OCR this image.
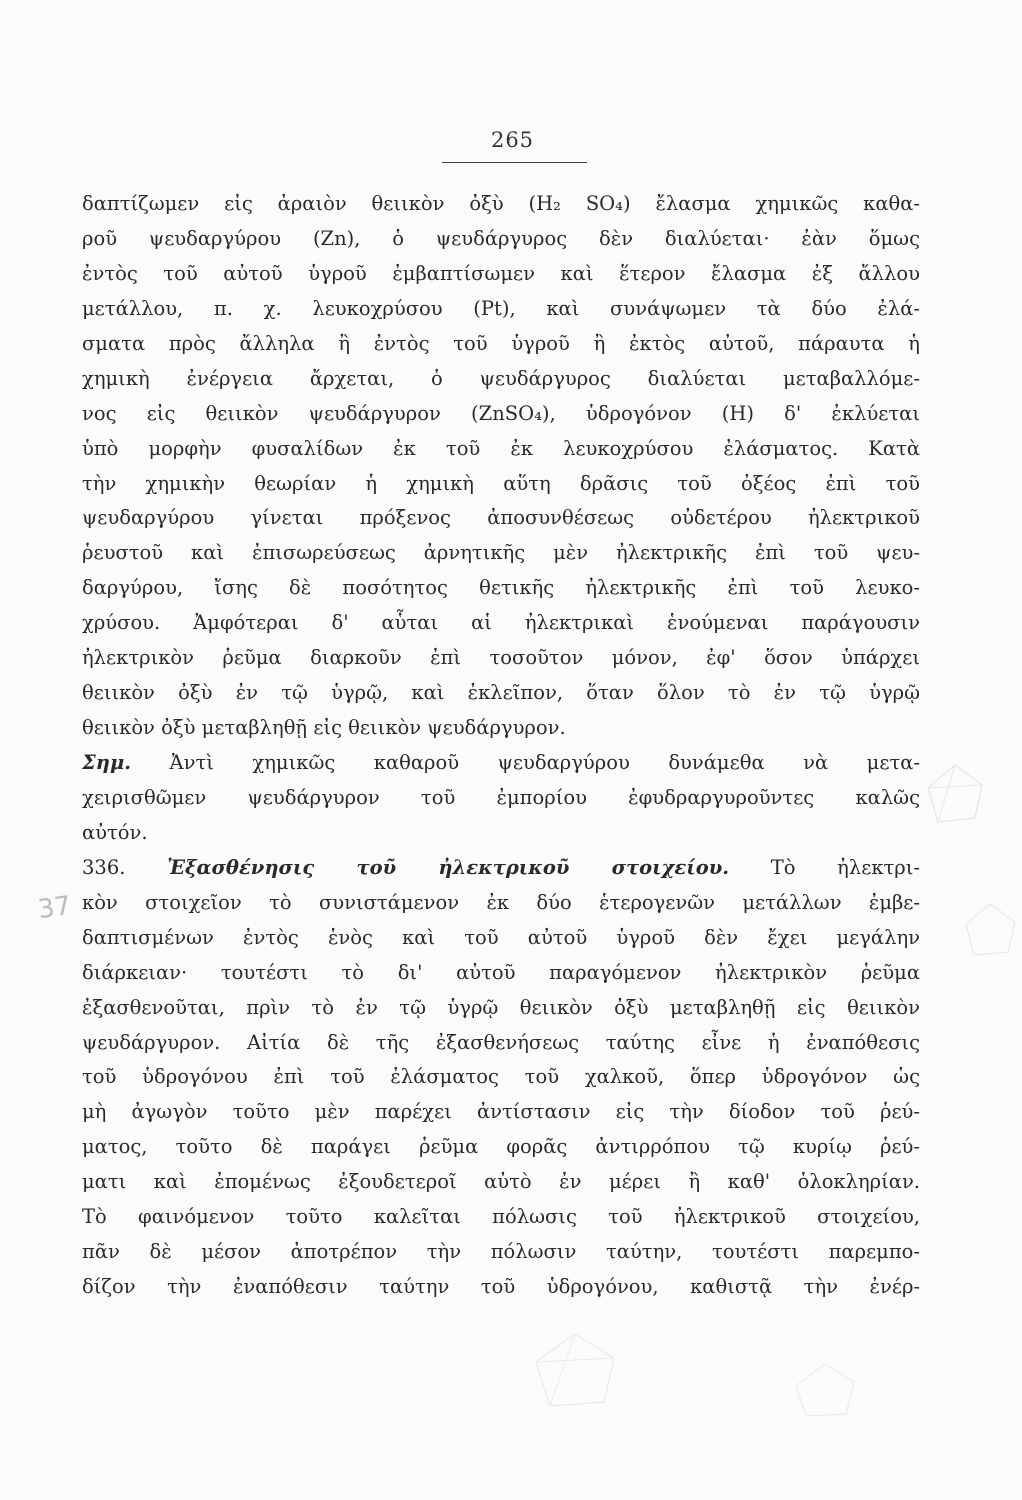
265
37
δαπτίζωμεν εἰς ἀραιὸν θειικὸν ὀξὺ (H₂ SO₄) ἔλασμα χημικῶς καθα-
ροῦ ψευδαργύρου (Zn), ὁ ψευδάργυρος δὲν διαλύεται· ἐὰν ὅμως
ἐντὸς τοῦ αὐτοῦ ὑγροῦ ἐμβαπτίσωμεν καὶ ἕτερον ἔλασμα ἐξ ἄλλου
μετάλλου, π. χ. λευκοχρύσου (Pt), καὶ συνάψωμεν τὰ δύο ἐλά-
σματα πρὸς ἄλληλα ἢ ἐντὸς τοῦ ὑγροῦ ἢ ἐκτὸς αὐτοῦ, πάραυτα ἡ
χημικὴ ἐνέργεια ἄρχεται, ὁ ψευδάργυρος διαλύεται μεταβαλλόμε-
νος εἰς θειικὸν ψευδάργυρον (ZnSO₄), ὑδρογόνον (H) δ' ἐκλύεται
ὑπὸ μορφὴν φυσαλίδων ἐκ τοῦ ἐκ λευκοχρύσου ἐλάσματος. Κατὰ
τὴν χημικὴν θεωρίαν ἡ χημικὴ αὕτη δρᾶσις τοῦ ὀξέος ἐπὶ τοῦ
ψευδαργύρου γίνεται πρόξενος ἀποσυνθέσεως οὐδετέρου ἠλεκτρικοῦ
ῥευστοῦ καὶ ἐπισωρεύσεως ἀρνητικῆς μὲν ἠλεκτρικῆς ἐπὶ τοῦ ψευ-
δαργύρου, ἴσης δὲ ποσότητος θετικῆς ἠλεκτρικῆς ἐπὶ τοῦ λευκο-
χρύσου. Ἀμφότεραι δ' αὗται αἱ ἠλεκτρικαὶ ἑνούμεναι παράγουσιν
ἠλεκτρικὸν ῥεῦμα διαρκοῦν ἐπὶ τοσοῦτον μόνον, ἐφ' ὅσον ὑπάρχει
θειικὸν ὀξὺ ἐν τῷ ὑγρῷ, καὶ ἐκλεῖπον, ὅταν ὅλον τὸ ἐν τῷ ὑγρῷ
θειικὸν ὀξὺ μεταβληθῇ εἰς θειικὸν ψευδάργυρον.
Σημ. Ἀντὶ χημικῶς καθαροῦ ψευδαργύρου δυνάμεθα νὰ μετα-
χειρισθῶμεν ψευδάργυρον τοῦ ἐμπορίου ἐφυδραργυροῦντες καλῶς
αὐτόν.
336. Ἐξασθένησις τοῦ ἠλεκτρικοῦ στοιχείου. Τὸ ἠλεκτρι-
κὸν στοιχεῖον τὸ συνιστάμενον ἐκ δύο ἑτερογενῶν μετάλλων ἐμβε-
δαπτισμένων ἐντὸς ἑνὸς καὶ τοῦ αὐτοῦ ὑγροῦ δὲν ἔχει μεγάλην
διάρκειαν· τουτέστι τὸ δι' αὐτοῦ παραγόμενον ἠλεκτρικὸν ῥεῦμα
ἐξασθενοῦται, πρὶν τὸ ἐν τῷ ὑγρῷ θειικὸν ὀξὺ μεταβληθῇ εἰς θειικὸν
ψευδάργυρον. Αἰτία δὲ τῆς ἐξασθενήσεως ταύτης εἶνε ἡ ἐναπόθεσις
τοῦ ὑδρογόνου ἐπὶ τοῦ ἐλάσματος τοῦ χαλκοῦ, ὅπερ ὑδρογόνον ὡς
μὴ ἀγωγὸν τοῦτο μὲν παρέχει ἀντίστασιν εἰς τὴν δίοδον τοῦ ῥεύ-
ματος, τοῦτο δὲ παράγει ῥεῦμα φορᾶς ἀντιρρόπου τῷ κυρίῳ ῥεύ-
ματι καὶ ἐπομένως ἐξουδετεροῖ αὐτὸ ἐν μέρει ἢ καθ' ὁλοκληρίαν.
Τὸ φαινόμενον τοῦτο καλεῖται πόλωσις τοῦ ἠλεκτρικοῦ στοιχείου,
πᾶν δὲ μέσον ἀποτρέπον τὴν πόλωσιν ταύτην, τουτέστι παρεμπο-
δίζον τὴν ἐναπόθεσιν ταύτην τοῦ ὑδρογόνου, καθιστᾷ τὴν ἐνέρ-
